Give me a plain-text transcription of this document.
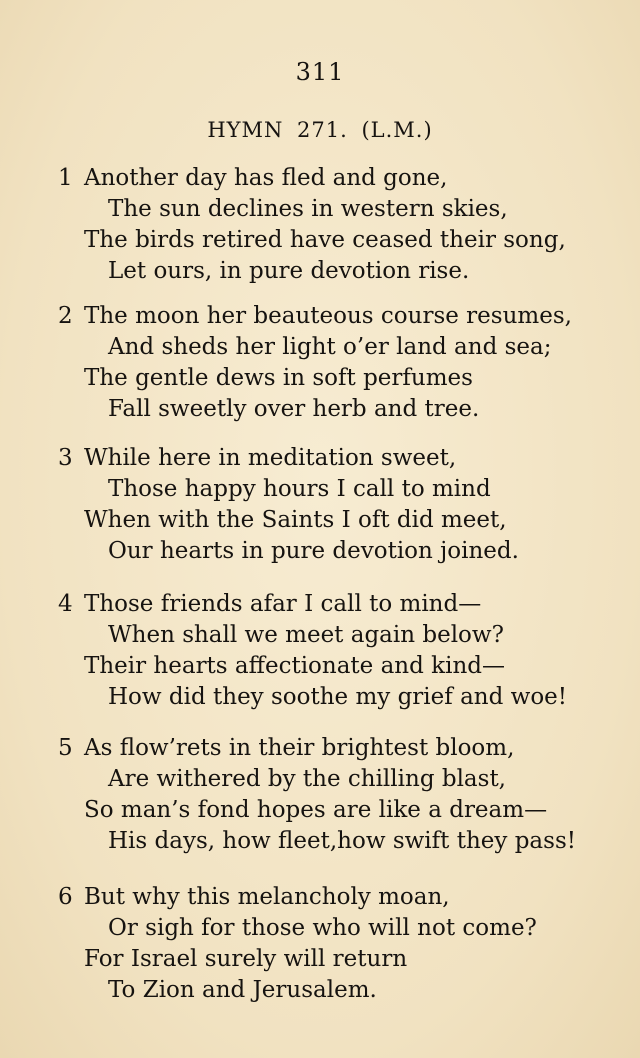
311
HYMN 271. (L.M.)
1 Another day has fled and gone,
The sun declines in western skies,
The birds retired have ceased their song,
Let ours, in pure devotion rise.
2 The moon her beauteous course resumes,
And sheds her light o’er land and sea;
The gentle dews in soft perfumes
Fall sweetly over herb and tree.
3 While here in meditation sweet,
Those happy hours I call to mind
When with the Saints I oft did meet,
Our hearts in pure devotion joined.
4 Those friends afar I call to mind—
When shall we meet again below?
Their hearts affectionate and kind—
How did they soothe my grief and woe!
5 As flow’rets in their brightest bloom,
Are withered by the chilling blast,
So man’s fond hopes are like a dream—
His days, how fleet,how swift they pass!
6 But why this melancholy moan,
Or sigh for those who will not come?
For Israel surely will return
To Zion and Jerusalem.
